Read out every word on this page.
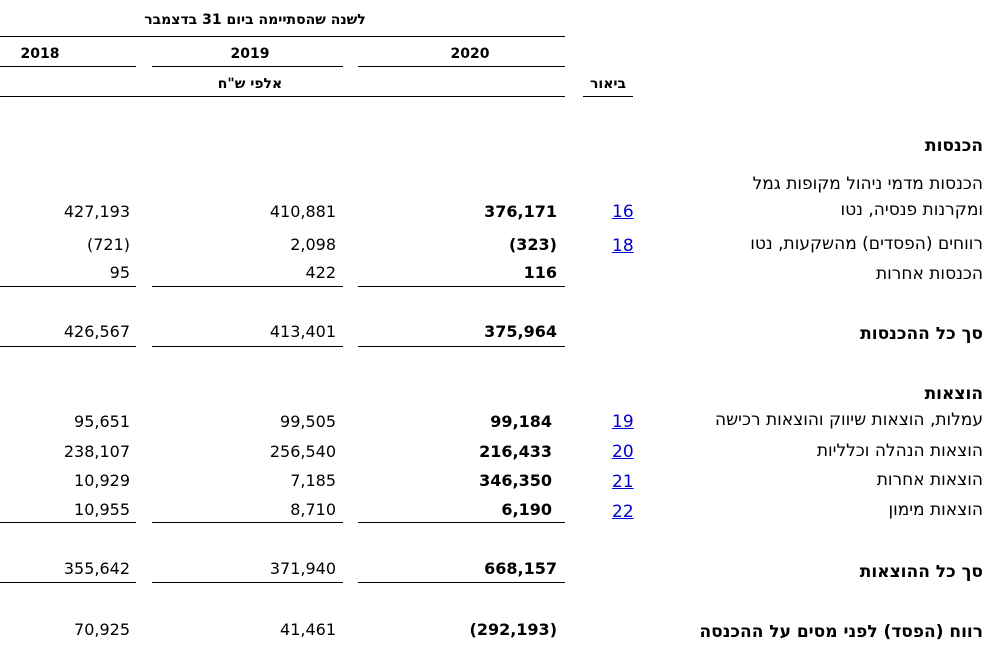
לשנה שהסתיימה ביום 31 בדצמבר
2020
2019
2018
אלפי ש"ח	ביאור
הכנסות
הכנסות מדמי ניהול מקופות גמל
ומקרנות פנסיה, נטו
16
376,171
410,881
427,193
רווחים (הפסדים) מהשקעות, נטו
18
(323)
2,098
(721)
הכנסות אחרות
116
422
95
סך כל ההכנסות
375,964
413,401
426,567
הוצאות
עמלות, הוצאות שיווק והוצאות רכישה
19
99,184
99,505
95,651
הוצאות הנהלה וכלליות
20
216,433
256,540
238,107
הוצאות אחרות
21
346,350
7,185
10,929
הוצאות מימון
22
6,190
8,710
10,955
סך כל ההוצאות
668,157
371,940
355,642
רווח (הפסד) לפני מסים על ההכנסה
(292,193)
41,461
70,925
